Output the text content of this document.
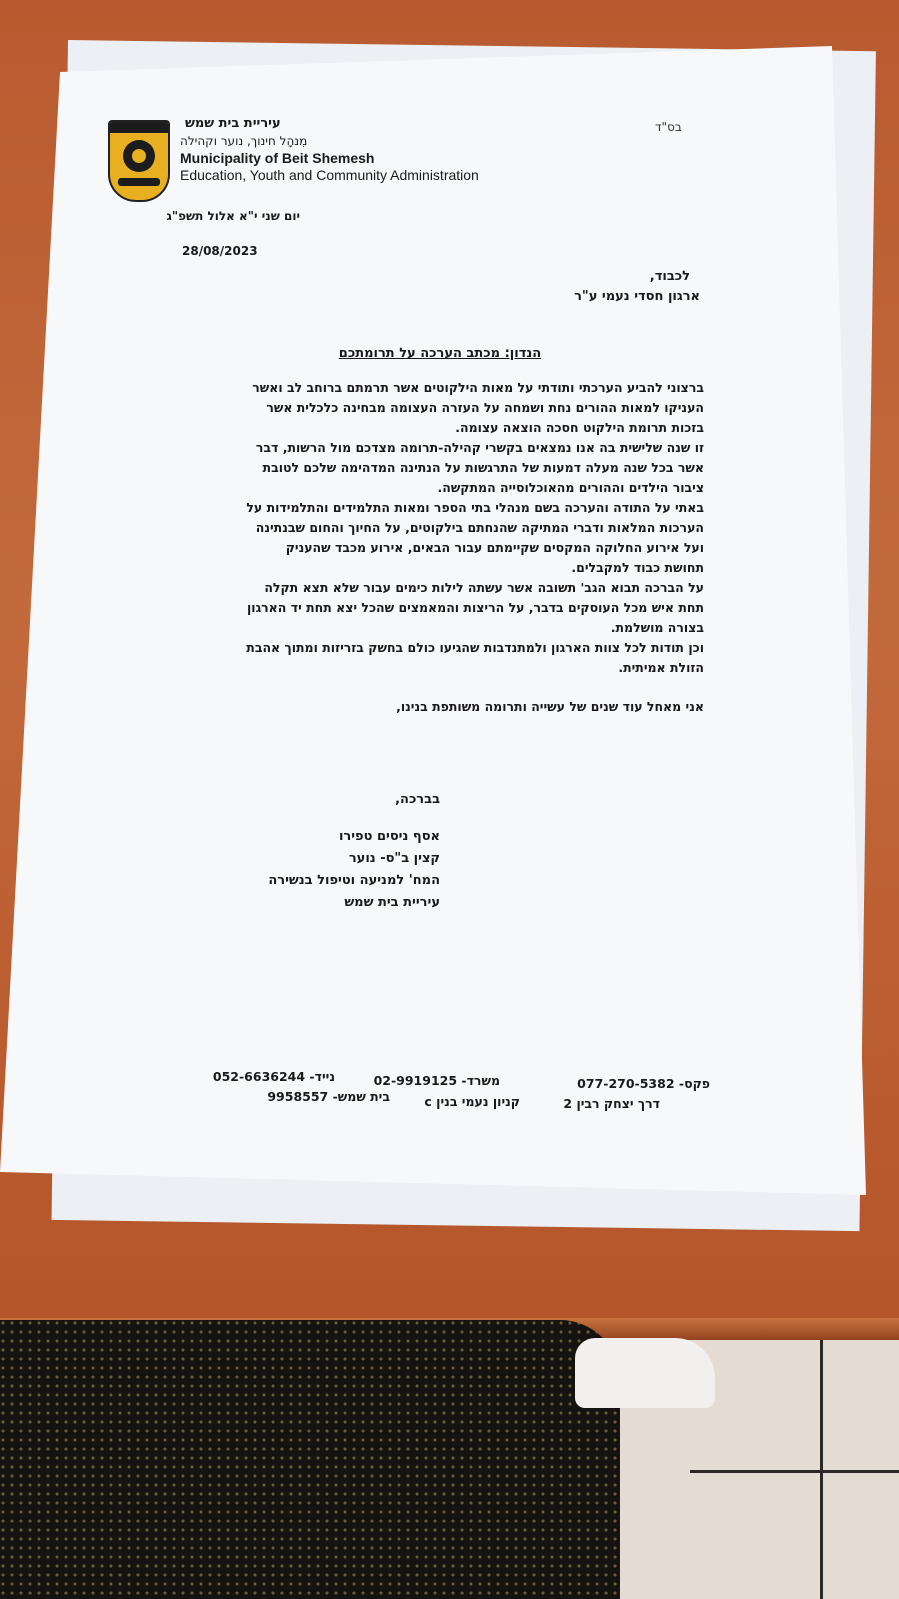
בס"ד
עיריית בית שמש
מִנהָל חינוך, נוער וקהילה
Municipality of Beit Shemesh
Education, Youth and Community Administration
יום שני י"א אלול תשפ"ג
28/08/2023
לכבוד,
ארגון חסדי נעמי ע"ר
הנדון: מכתב הערכה על תרומתכם
ברצוני להביע הערכתי ותודתי על מאות הילקוטים אשר תרמתם ברוחב לב ואשר
העניקו למאות ההורים נחת ושמחה על העזרה העצומה מבחינה כלכלית אשר
בזכות תרומת הילקוט חסכה הוצאה עצומה.
זו שנה שלישית בה אנו נמצאים בקשרי קהילה-תרומה מצדכם מול הרשות, דבר
אשר בכל שנה מעלה דמעות של התרגשות על הנתינה המדהימה שלכם לטובת
ציבור הילדים וההורים מהאוכלוסייה המתקשה.
באתי על התודה והערכה בשם מנהלי בתי הספר ומאות התלמידים והתלמידות על
הערכות המלאות ודברי המתיקה שהנחתם בילקוטים, על החיוך והחום שבנתינה
ועל אירוע החלוקה המקסים שקיימתם עבור הבאים, אירוע מכבד שהעניק
תחושת כבוד למקבלים.
על הברכה תבוא הגב' תשובה אשר עשתה לילות כימים עבור שלא תצא תקלה
תחת איש מכל העוסקים בדבר, על הריצות והמאמצים שהכל יצא תחת יד הארגון
בצורה מושלמת.
וכן תודות לכל צוות הארגון ולמתנדבות שהגיעו כולם בחשק בזריזות ומתוך אהבת
הזולת אמיתית.
אני מאחל עוד שנים של עשייה ותרומה משותפת בנינו,
בברכה,
אסף ניסים טפירו
קצין ב"ס- נוער
המח' למניעה וטיפול בנשירה
עיריית בית שמש
פקס- 077-270-5382
משרד- 02-9919125
נייד- 052-6636244
דרך יצחק רבין 2
קניון נעמי בנין c
בית שמש- 9958557
